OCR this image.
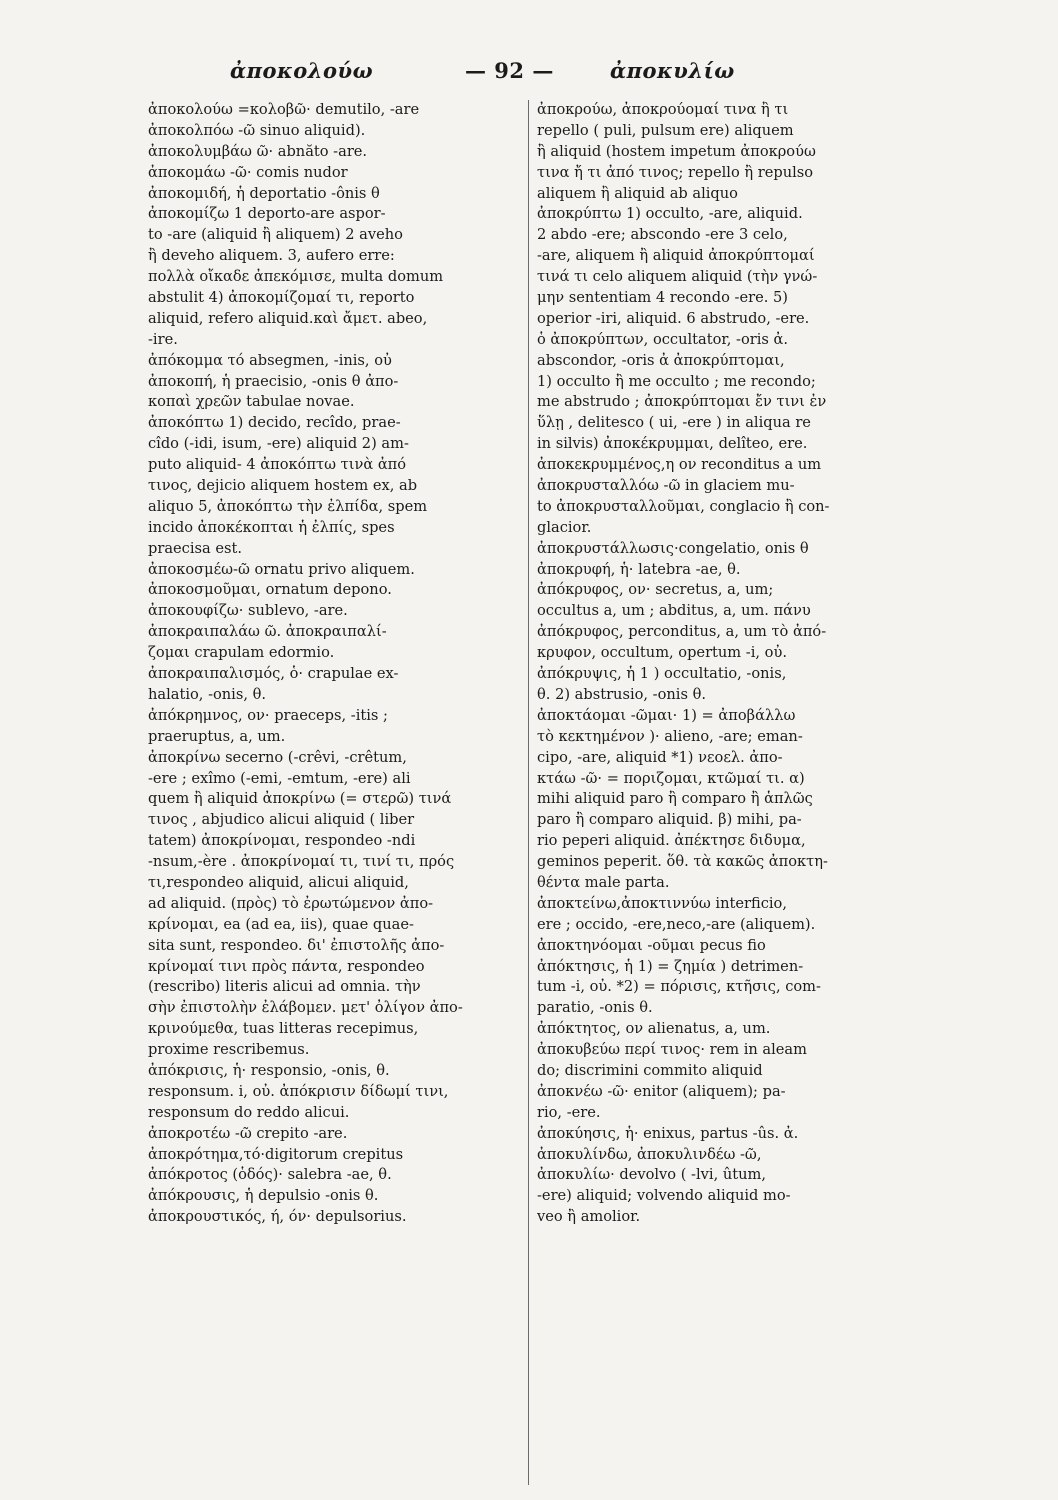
ἀποκολούω	— 92 —	ἀποκυλίω
ἀποκολούω =κολοβῶ· demutilo, -are
ἀποκολπόω -ῶ sinuo aliquid).
ἀποκολυμβάω ῶ· abnăto -are.
ἀποκομάω -ῶ· comis nudor
ἀποκομιδή, ἡ deportatio -ônis θ
ἀποκομίζω 1 deporto-are aspor-
to -are (aliquid ἢ aliquem) 2 aveho
ἢ deveho aliquem. 3, aufero erre:
πολλὰ οἴκαδε ἀπεκόμισε, multa domum
abstulit 4) ἀποκομίζομαί τι, reporto
aliquid, refero aliquid.καὶ ἄμετ. abeo,
-ire.
ἀπόκομμα τό absegmen, -inis, οὐ
ἀποκοπή, ἡ praecisio, -onis θ ἀπο-
κοπαὶ χρεῶν tabulae novae.
ἀποκόπτω 1) decido, recîdo, prae-
cîdo (-idi, isum, -ere) aliquid 2) am-
puto aliquid- 4 ἀποκόπτω τινὰ ἀπό
τινος, dejicio aliquem hostem ex, ab
aliquo 5, ἀποκόπτω τὴν ἐλπίδα, spem
incido ἀποκέκοπται ἡ ἐλπίς, spes
praecisa est.
ἀποκοσμέω-ῶ ornatu privo aliquem.
ἀποκοσμοῦμαι, ornatum depono.
ἀποκουφίζω· sublevo, -are.
ἀποκραιπαλάω ῶ. ἀποκραιπαλί-
ζομαι crapulam edormio.
ἀποκραιπαλισμός, ὁ· crapulae ex-
halatio, -onis, θ.
ἀπόκρημνος, ον· praeceps, -itis ;
praeruptus, a, um.
ἀποκρίνω secerno (-crêvi, -crêtum,
-ere ; exîmo (-emi, -emtum, -ere) ali
quem ἢ aliquid ἀποκρίνω (= στερῶ) τινά
τινος , abjudico alicui aliquid ( liber
tatem) ἀποκρίνομαι, respondeo -ndi
-nsum,-ère . ἀποκρίνομαί τι, τινί τι, πρός
τι,respondeo aliquid, alicui aliquid,
ad aliquid. (πρὸς) τὸ ἐρωτώμενον ἀπο-
κρίνομαι, ea (ad ea, iis), quae quae-
sita sunt, respondeo. δι' ἐπιστολῆς ἀπο-
κρίνομαί τινι πρὸς πάντα, respondeo
(rescribo) literis alicui ad omnia. τὴν
σὴν ἐπιστολὴν ἐλάβομεν. μετ' ὀλίγον ἀπο-
κρινούμεθα, tuas litteras recepimus,
proxime rescribemus.
ἀπόκρισις, ἡ· responsio, -onis, θ.
responsum. i, οὐ. ἀπόκρισιν δίδωμί τινι,
responsum do reddo alicui.
ἀποκροτέω -ῶ crepito -are.
ἀποκρότημα,τό·digitorum crepitus
ἀπόκροτος (ὁδός)· salebra -ae, θ.
ἀπόκρουσις, ἡ depulsio -onis θ.
ἀποκρουστικός, ή, όν· depulsorius.
ἀποκρούω, ἀποκρούομαί τινα ἢ τι
repello ( puli, pulsum ere) aliquem
ἢ aliquid (hostem impetum ἀποκρούω
τινα ἤ τι ἀπό τινος; repello ἢ repulso
aliquem ἢ aliquid ab aliquo
ἀποκρύπτω 1) occulto, -are, aliquid.
2 abdo -ere; abscondo -ere 3 celo,
-are, aliquem ἢ aliquid ἀποκρύπτομαί
τινά τι celo aliquem aliquid (τὴν γνώ-
μην sententiam 4 recondo -ere. 5)
operior -iri, aliquid. 6 abstrudo, -ere.
ὁ ἀποκρύπτων, occultator, -oris ἀ.
abscondor, -oris ἀ ἀποκρύπτομαι,
1) occulto ἢ me occulto ; me recondo;
me abstrudo ; ἀποκρύπτομαι ἔν τινι ἐν
ὕλῃ , delitesco ( ui, -ere ) in aliqua re
in silvis) ἀποκέκρυμμαι, delîteo, ere.
ἀποκεκρυμμένος,η ον reconditus a um
ἀποκρυσταλλόω -ῶ in glaciem mu-
to ἀποκρυσταλλοῦμαι, conglacio ἢ con-
glacior.
ἀποκρυστάλλωσις·congelatio, onis θ
ἀποκρυφή, ἡ· latebra -ae, θ.
ἀπόκρυφος, ον· secretus, a, um;
occultus a, um ; abditus, a, um. πάνυ
ἀπόκρυφος, perconditus, a, um τὸ ἀπό-
κρυφον, occultum, opertum -i, οὐ.
ἀπόκρυψις, ἡ 1 ) occultatio, -onis,
θ. 2) abstrusio, -onis θ.
ἀποκτάομαι -ῶμαι· 1) = ἀποβάλλω
τὸ κεκτημένον )· alieno, -are; eman-
cipo, -are, aliquid *1) νεοελ. ἀπο-
κτάω -ῶ· = ποριζομαι, κτῶμαί τι. α)
mihi aliquid paro ἢ comparo ἢ ἁπλῶς
paro ἢ comparo aliquid. β) mihi, pa-
rio peperi aliquid. ἀπέκτησε διδυμα,
geminos peperit. ὅθ. τὰ κακῶς ἀποκτη-
θέντα male parta.
ἀποκτείνω,ἀποκτιννύω interficio,
ere ; occido, -ere,neco,-are (aliquem).
ἀποκτηνόομαι -οῦμαι pecus fio
ἀπόκτησις, ἡ 1) = ζημία ) detrimen-
tum -i, οὐ. *2) = πόρισις, κτῆσις, com-
paratio, -onis θ.
ἀπόκτητος, ον alienatus, a, um.
ἀποκυβεύω περί τινος· rem in aleam
do; discrimini commito aliquid
ἀποκνέω -ῶ· enitor (aliquem); pa-
rio, -ere.
ἀποκύησις, ἡ· enixus, partus -ûs. ἀ.
ἀποκυλίνδω, ἀποκυλινδέω -ῶ,
ἀποκυλίω· devolvo ( -lvi, ûtum,
-ere) aliquid; volvendo aliquid mo-
veo ἢ amolior.
